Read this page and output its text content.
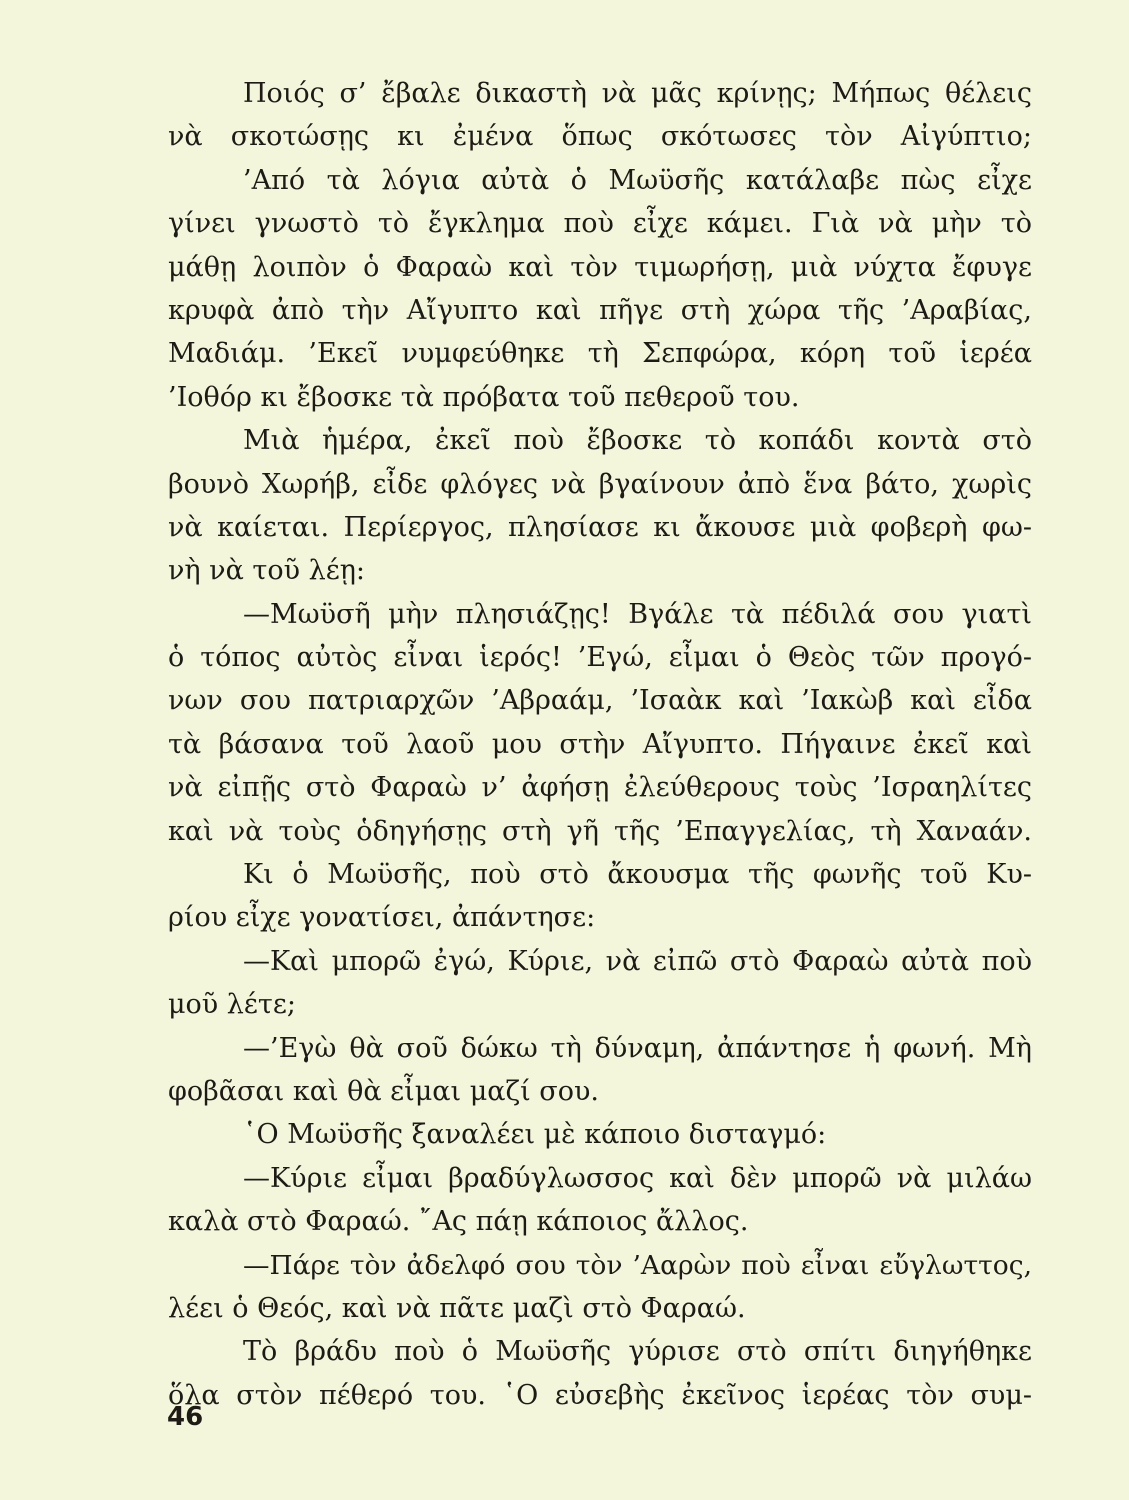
Ποιός σ’ ἔβαλε δικαστὴ νὰ μᾶς κρίνῃς; Μήπως θέλεις
νὰ σκοτώσῃς κι ἐμένα ὅπως σκότωσες τὸν Αἰγύπτιο;
’Από τὰ λόγια αὐτὰ ὁ Μωϋσῆς κατάλαβε πὼς εἶχε
γίνει γνωστὸ τὸ ἔγκλημα ποὺ εἶχε κάμει. Γιὰ νὰ μὴν τὸ
μάθῃ λοιπὸν ὁ Φαραὼ καὶ τὸν τιμωρήσῃ, μιὰ νύχτα ἔφυγε
κρυφὰ ἀπὸ τὴν Αἴγυπτο καὶ πῆγε στὴ χώρα τῆς ’Αραβίας,
Μαδιάμ. ’Εκεῖ νυμφεύθηκε τὴ Σεπφώρα, κόρη τοῦ ἱερέα
’Ιοθόρ κι ἔβοσκε τὰ πρόβατα τοῦ πεθεροῦ του.
Μιὰ ἡμέρα, ἐκεῖ ποὺ ἔβοσκε τὸ κοπάδι κοντὰ στὸ
βουνὸ Χωρήβ, εἶδε φλόγες νὰ βγαίνουν ἀπὸ ἕνα βάτο, χωρὶς
νὰ καίεται. Περίεργος, πλησίασε κι ἄκουσε μιὰ φοβερὴ φω-
νὴ νὰ τοῦ λέῃ:
—Μωϋσῆ μὴν πλησιάζῃς! Βγάλε τὰ πέδιλά σου γιατὶ
ὁ τόπος αὐτὸς εἶναι ἱερός! ’Εγώ, εἶμαι ὁ Θεὸς τῶν προγό-
νων σου πατριαρχῶν ’Αβραάμ, ’Ισαὰκ καὶ ’Ιακὼβ καὶ εἶδα
τὰ βάσανα τοῦ λαοῦ μου στὴν Αἴγυπτο. Πήγαινε ἐκεῖ καὶ
νὰ εἰπῇς στὸ Φαραὼ ν’ ἀφήσῃ ἐλεύθερους τοὺς ’Ισραηλίτες
καὶ νὰ τοὺς ὁδηγήσῃς στὴ γῆ τῆς ’Επαγγελίας, τὴ Χαναάν.
Κι ὁ Μωϋσῆς, ποὺ στὸ ἄκουσμα τῆς φωνῆς τοῦ Κυ-
ρίου εἶχε γονατίσει, ἀπάντησε:
—Καὶ μπορῶ ἐγώ, Κύριε, νὰ εἰπῶ στὸ Φαραὼ αὐτὰ ποὺ
μοῦ λέτε;
—’Εγὼ θὰ σοῦ δώκω τὴ δύναμη, ἀπάντησε ἡ φωνή. Μὴ
φοβᾶσαι καὶ θὰ εἶμαι μαζί σου.
῾Ο Μωϋσῆς ξαναλέει μὲ κάποιο δισταγμό:
—Κύριε εἶμαι βραδύγλωσσος καὶ δὲν μπορῶ νὰ μιλάω
καλὰ στὸ Φαραώ. ῎Ας πάῃ κάποιος ἄλλος.
—Πάρε τὸν ἀδελφό σου τὸν ’Ααρὼν ποὺ εἶναι εὔγλωττος,
λέει ὁ Θεός, καὶ νὰ πᾶτε μαζὶ στὸ Φαραώ.
Τὸ βράδυ ποὺ ὁ Μωϋσῆς γύρισε στὸ σπίτι διηγήθηκε
ὅλα στὸν πέθερό του. ῾Ο εὐσεβὴς ἐκεῖνος ἱερέας τὸν συμ-
46
